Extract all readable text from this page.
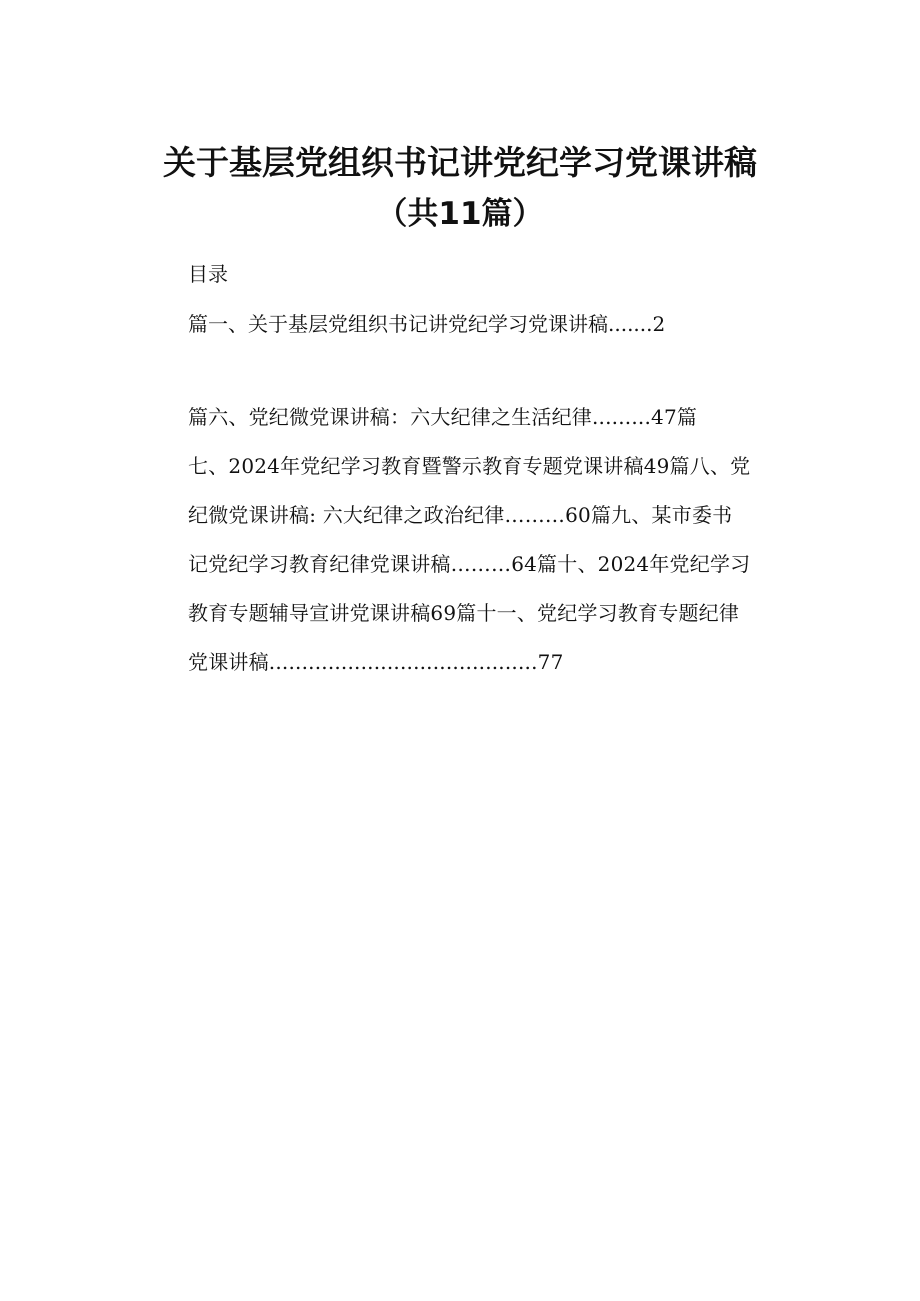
关于基层党组织书记讲党纪学习党课讲稿
（共11篇）
目录
篇一、关于基层党组织书记讲党纪学习党课讲稿.......2
篇六、党纪微党课讲稿：六大纪律之生活纪律.........47篇
七、2024年党纪学习教育暨警示教育专题党课讲稿49篇八、党
纪微党课讲稿: 六大纪律之政治纪律………60篇九、某市委书
记党纪学习教育纪律党课讲稿………64篇十、2024年党纪学习
教育专题辅导宣讲党课讲稿69篇十一、党纪学习教育专题纪律
党课讲稿.........................................77
